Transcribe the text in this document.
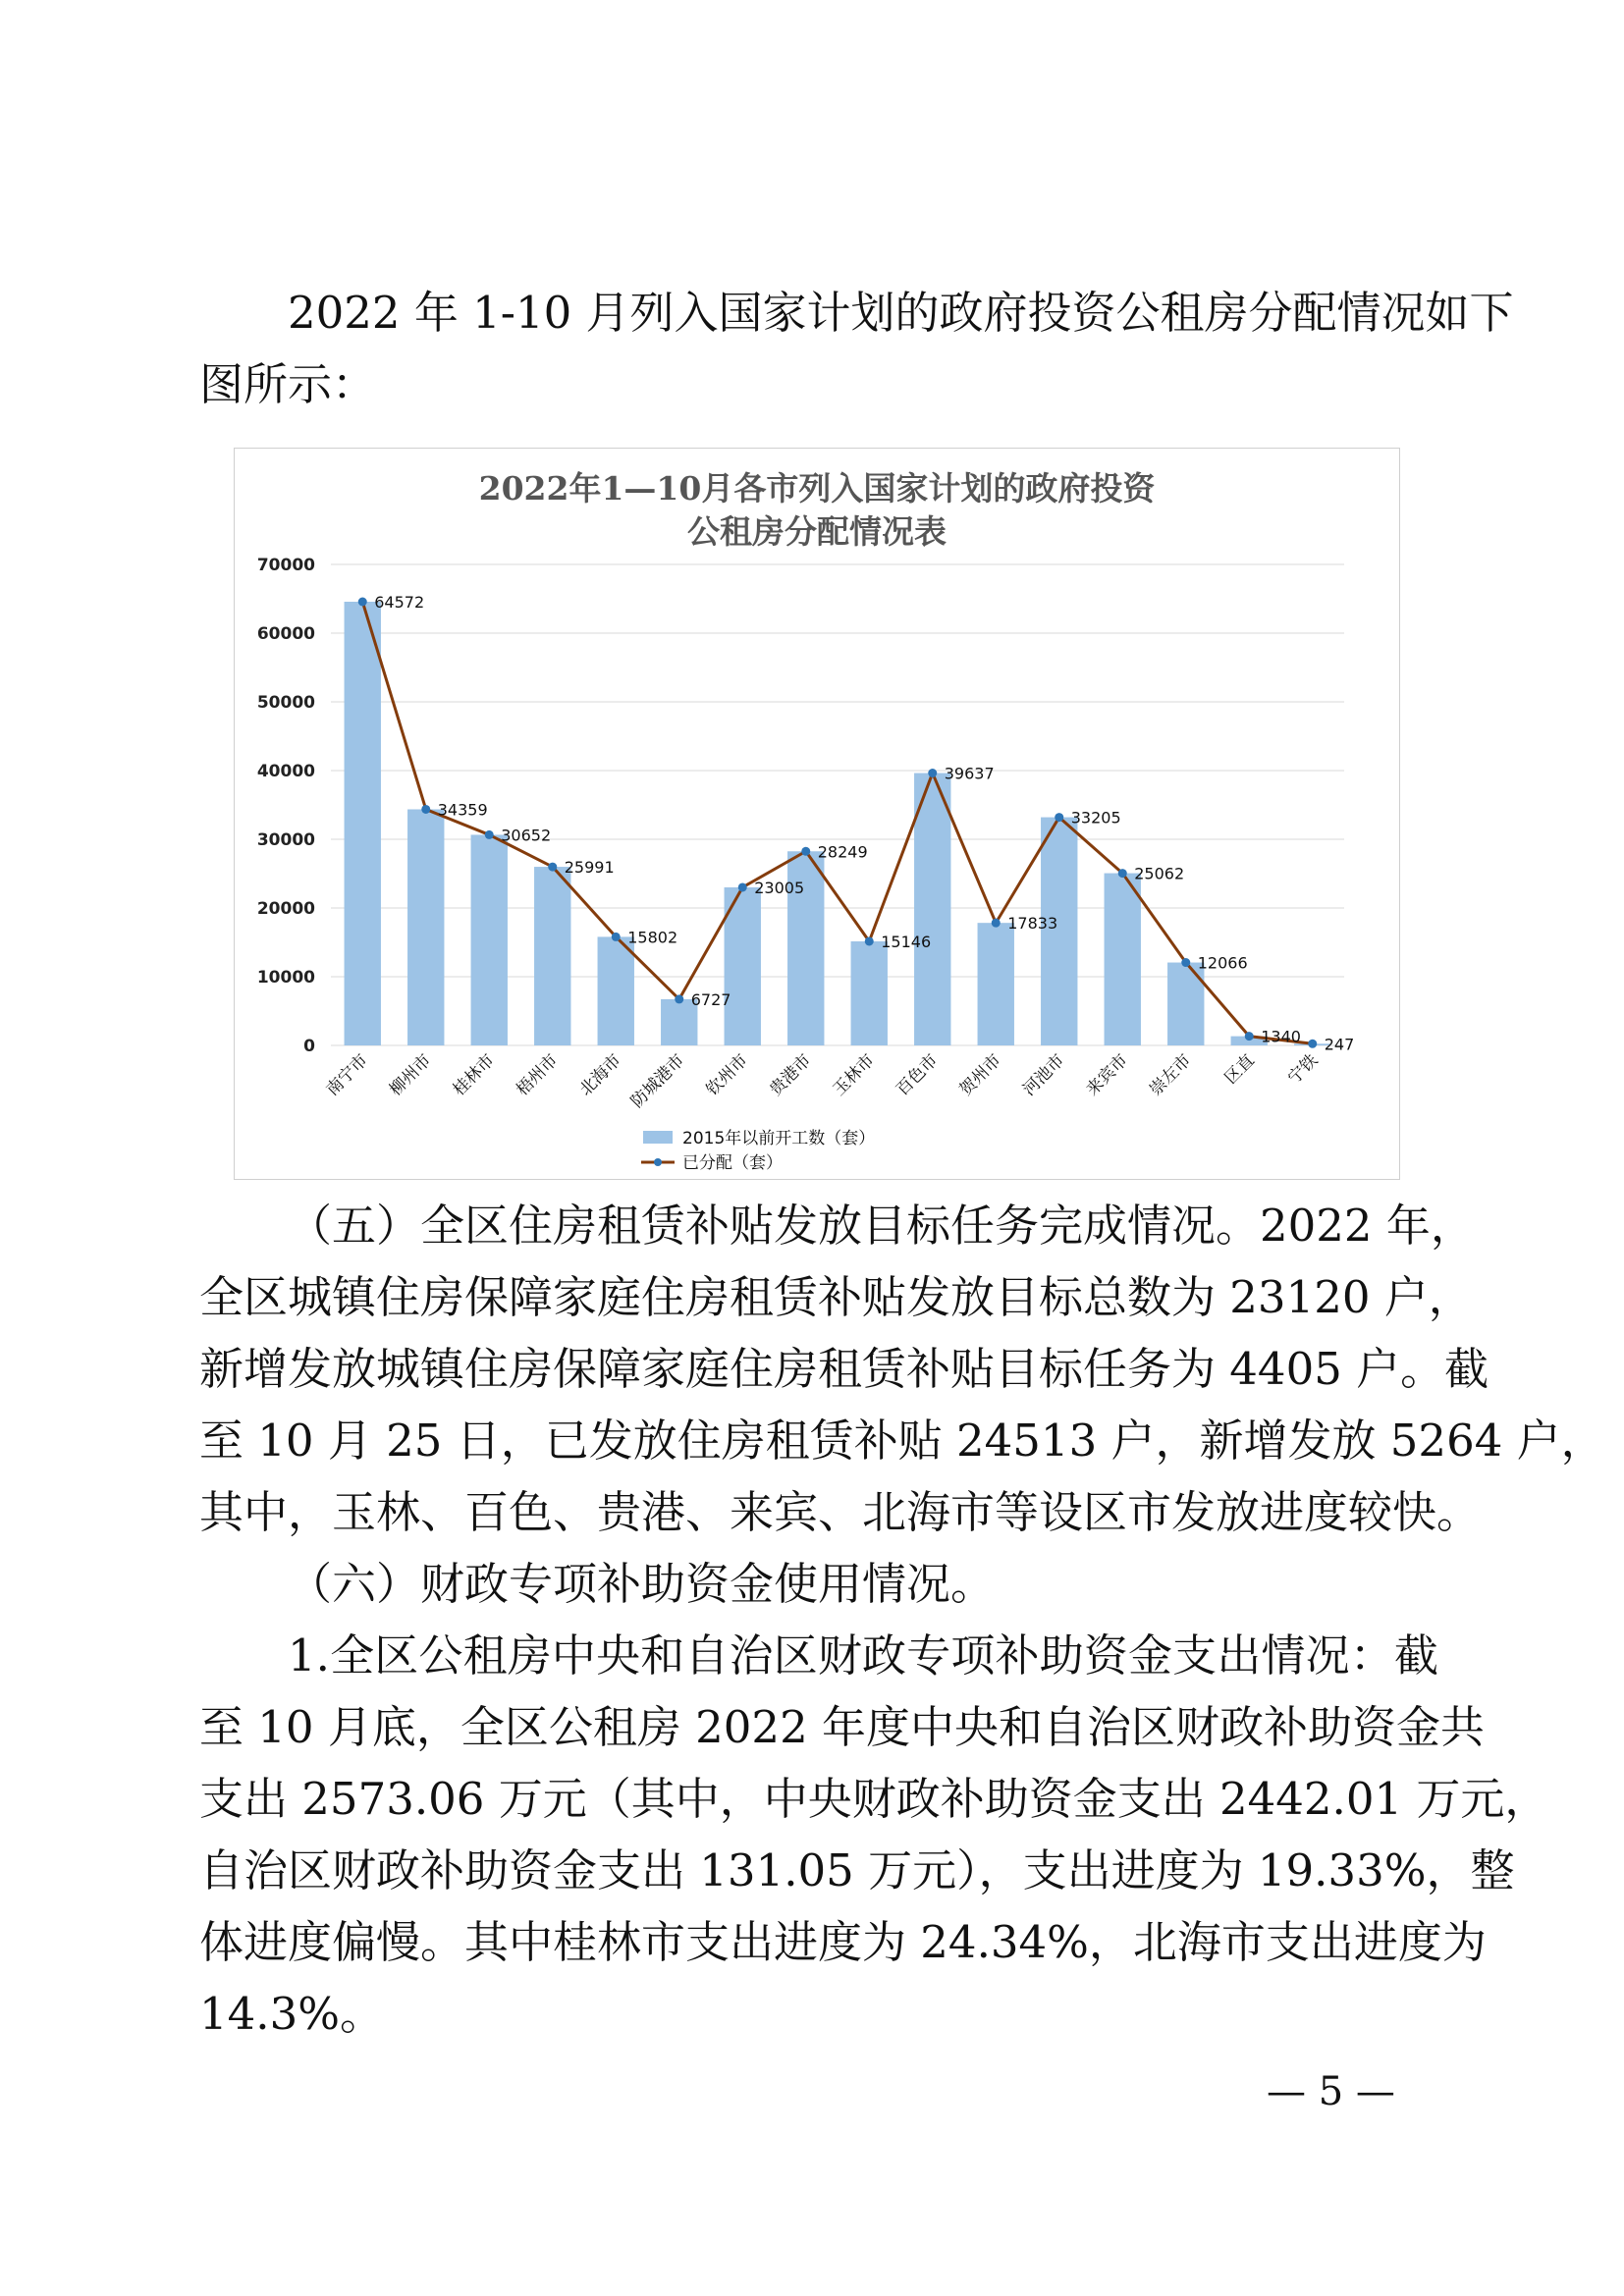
2022 年 1-10 月列入国家计划的政府投资公租房分配情况如下
图所示：
2022年1—10月各市列入国家计划的政府投资
公租房分配情况表
0
10000
20000
30000
40000
50000
60000
70000
64572
34359
30652
25991
15802
6727
23005
28249
15146
39637
17833
33205
25062
12066
1340 247
南宁市 柳州市 桂林市 梧州市 北海市 防城港市 钦州市 贵港市 玉林市 百色市 贺州市 河池市 来宾市 崇左市 区直 宁铁
2015年以前开工数（套）
已分配（套）
（五）全区住房租赁补贴发放目标任务完成情况。2022 年，
全区城镇住房保障家庭住房租赁补贴发放目标总数为 23120 户，
新增发放城镇住房保障家庭住房租赁补贴目标任务为 4405 户。截
至 10 月 25 日，已发放住房租赁补贴 24513 户，新增发放 5264 户，
其中，玉林、百色、贵港、来宾、北海市等设区市发放进度较快。
（六）财政专项补助资金使用情况。
1.全区公租房中央和自治区财政专项补助资金支出情况：截
至 10 月底，全区公租房 2022 年度中央和自治区财政补助资金共
支出 2573.06 万元（其中，中央财政补助资金支出 2442.01 万元，
自治区财政补助资金支出 131.05 万元），支出进度为 19.33%，整
体进度偏慢。其中桂林市支出进度为 24.34%，北海市支出进度为
14.3%。
— 5 —
